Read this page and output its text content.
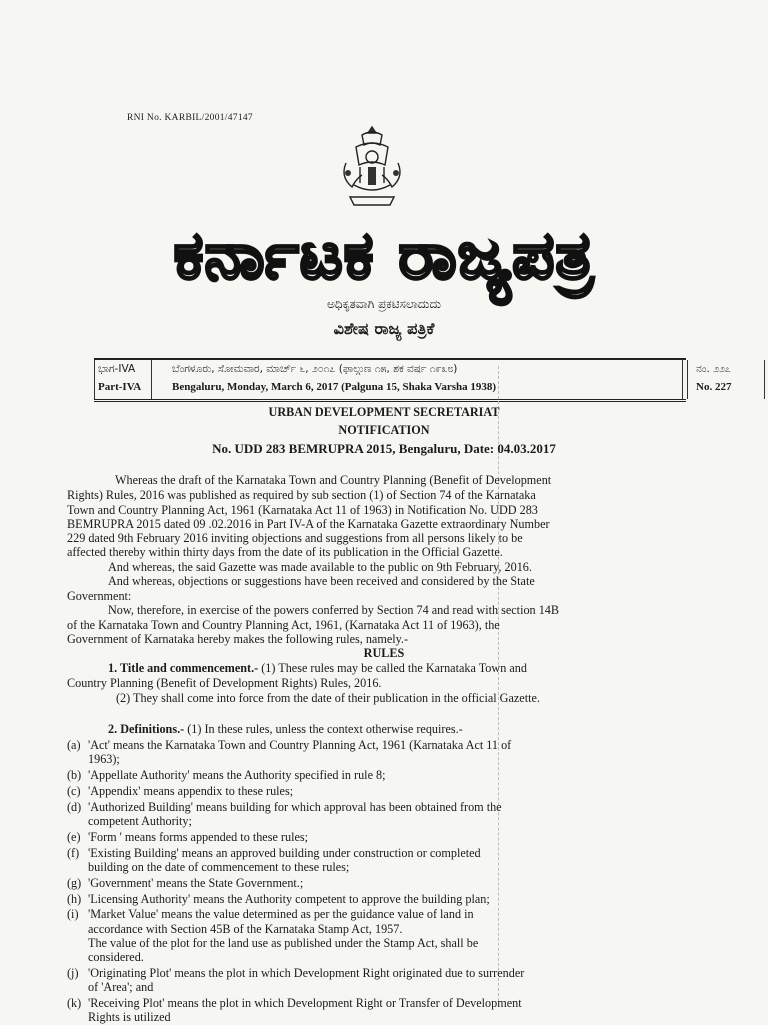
RNI No. KARBIL/2001/47147
ಕರ್ನಾಟಕ ರಾಜ್ಯಪತ್ರ
ಅಧಿಕೃತವಾಗಿ ಪ್ರಕಟಿಸಲಾದುದು
ವಿಶೇಷ ರಾಜ್ಯ ಪತ್ರಿಕೆ
ಭಾಗ-IVA
Part-IVA
ಬೆಂಗಳೂರು, ಸೋಮವಾರ, ಮಾರ್ಚ್ ೬, ೨೦೧೭ (ಫಾಲ್ಗುಣ ೧೫, ಶಕ ವರ್ಷ ೧೯೩೮)
Bengaluru, Monday, March 6, 2017 (Palguna 15, Shaka Varsha 1938)
ನಂ. ೨೨೭
No. 227
URBAN DEVELOPMENT SECRETARIAT
NOTIFICATION
No. UDD 283 BEMRUPRA 2015, Bengaluru, Date: 04.03.2017

Whereas the draft of the Karnataka Town and Country Planning (Benefit of Development

Rights) Rules, 2016 was published as required by sub section (1) of Section 74 of the Karnataka

Town and Country Planning Act, 1961 (Karnataka Act 11 of 1963) in Notification No. UDD 283

BEMRUPRA 2015 dated 09 .02.2016 in Part IV-A of the Karnataka Gazette extraordinary Number

229 dated 9th February 2016 inviting objections and suggestions from all persons likely to be

affected thereby within thirty days from the date of its publication in the Official Gazette.

And whereas, the said Gazette was made available to the public on 9th February, 2016.

And whereas, objections or suggestions have been received and considered by the State

Government:

Now, therefore, in exercise of the powers conferred by Section 74 and read with section 14B

of the Karnataka Town and Country Planning Act, 1961, (Karnataka Act 11 of 1963), the

Government of Karnataka hereby makes the following rules, namely.-

RULES

1. Title and commencement.- (1) These rules may be called the Karnataka Town and

Country Planning (Benefit of Development Rights) Rules, 2016.

(2) They shall come into force from the date of their publication in the official Gazette.

2. Definitions.- (1) In these rules, unless the context otherwise requires.-

(a) 'Act' means the Karnataka Town and Country Planning Act, 1961 (Karnataka Act 11 of

1963);

(b) 'Appellate Authority' means the Authority specified in rule 8;

(c) 'Appendix' means appendix to these rules;

(d) 'Authorized Building' means building for which approval has been obtained from the

competent Authority;

(e) 'Form ' means forms appended to these rules;

(f) 'Existing Building' means an approved building under construction or completed

building on the date of commencement to these rules;

(g) 'Government' means the State Government.;

(h) 'Licensing Authority' means the Authority competent to approve the building plan;

(i) 'Market Value' means the value determined as per the guidance value of land in

accordance with Section 45B of the Karnataka Stamp Act, 1957.

The value of the plot for the land use as published under the Stamp Act, shall be

considered.

(j) 'Originating Plot' means the plot in which Development Right originated due to surrender

of 'Area'; and

(k) 'Receiving Plot' means the plot in which Development Right or Transfer of Development

Rights is utilized
